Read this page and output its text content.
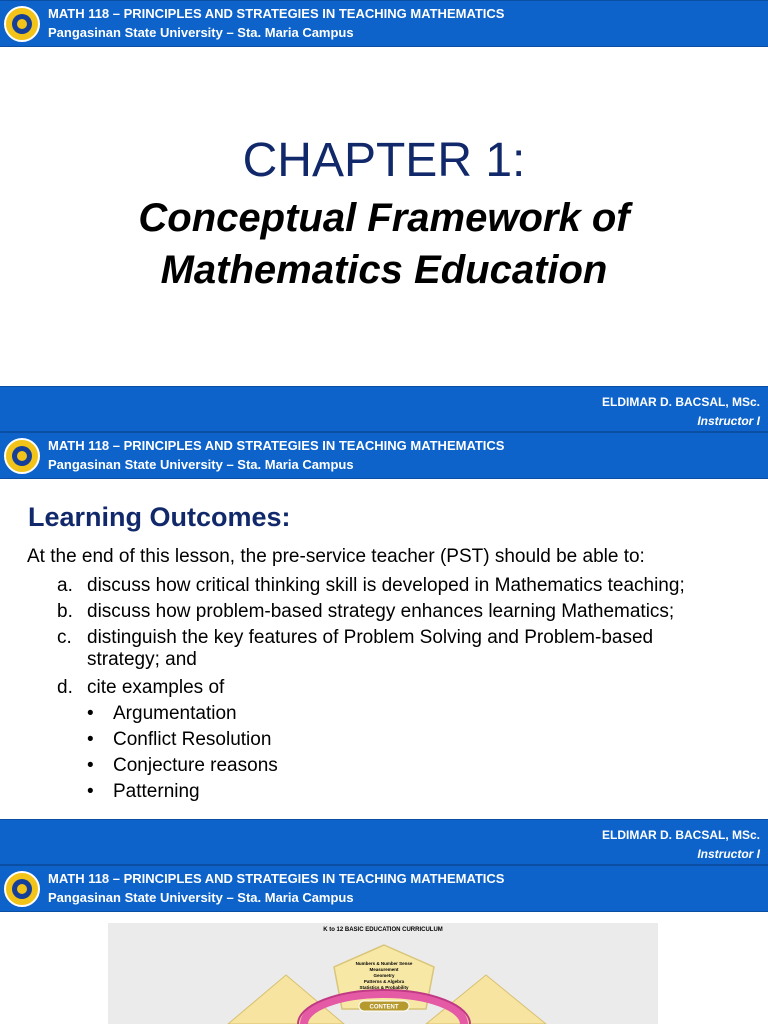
MATH 118 – PRINCIPLES AND STRATEGIES IN TEACHING MATHEMATICS
Pangasinan State University – Sta. Maria Campus
CHAPTER 1:
Conceptual Framework of
Mathematics Education
ELDIMAR D. BACSAL, MSc.
Instructor I
MATH 118 – PRINCIPLES AND STRATEGIES IN TEACHING MATHEMATICS
Pangasinan State University – Sta. Maria Campus
Learning Outcomes:
At the end of this lesson, the pre-service teacher (PST) should be able to:
a. discuss how critical thinking skill is developed in Mathematics teaching;
b. discuss how problem-based strategy enhances learning Mathematics;
c. distinguish the key features of Problem Solving and Problem-based
strategy; and
d. cite examples of
• Argumentation
• Conflict Resolution
• Conjecture reasons
• Patterning
ELDIMAR D. BACSAL, MSc.
Instructor I
MATH 118 – PRINCIPLES AND STRATEGIES IN TEACHING MATHEMATICS
Pangasinan State University – Sta. Maria Campus
K to 12 BASIC EDUCATION CURRICULUM
Numbers & Number Sense
Measurement
Geometry
Patterns & Algebra
Statistics & Probability
CONTENT
